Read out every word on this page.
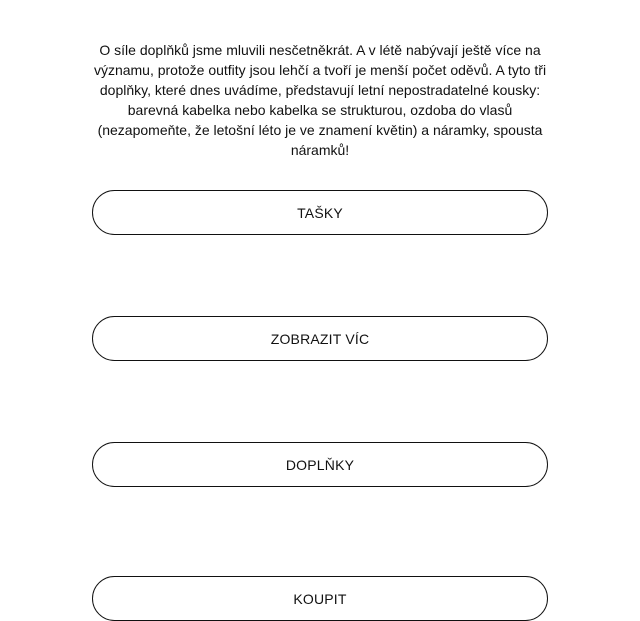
O síle doplňků jsme mluvili nesčetněkrát. A v létě nabývají ještě více na významu, protože outfity jsou lehčí a tvoří je menší počet oděvů. A tyto tři doplňky, které dnes uvádíme, představují letní nepostradatelné kousky: barevná kabelka nebo kabelka se strukturou, ozdoba do vlasů (nezapomeňte, že letošní léto je ve znamení květin) a náramky, spousta náramků!

TAŠKY
ZOBRAZIT VÍC
DOPLŇKY
KOUPIT
